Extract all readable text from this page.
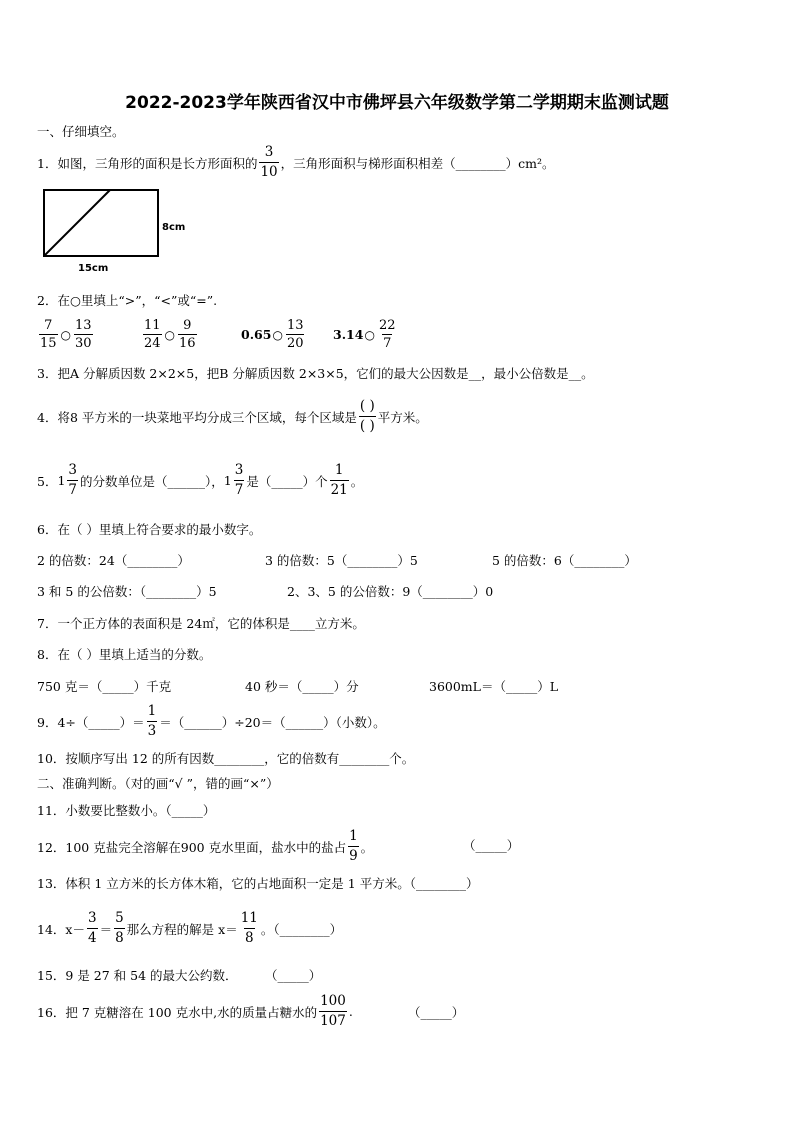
2022-2023学年陕西省汉中市佛坪县六年级数学第二学期期末监测试题
一、仔细填空。
1． 如图，三角形的面积是长方形面积的 $\frac{3}{10}$ ，三角形面积与梯形面积相差（________）cm²。
8cm
15cm
2． 在○里填上“>”，“<”或“=”.
$\frac{7}{15}$ ○ $\frac{13}{30}$	$\frac{11}{24}$ ○ $\frac{9}{16}$	0.65 ○ $\frac{13}{20} 3.14$ ○ $\frac{22}{7}$
3． 把A 分解质因数 2×2×5，把B 分解质因数 2×3×5，它们的最大公因数是__，最小公倍数是__。
4． 将8 平方米的一块菜地平均分成三个区域，每个区域是 $\frac{( )}{( )}$ 平方米。
5． $1 \frac{3}{7}$ 的分数单位是（______）， $1 \frac{3}{7}$ 是（_____）个 $\frac{1}{21}$ 。
6． 在（ ）里填上符合要求的最小数字。
2 的倍数：24（________）	3 的倍数：5（________）5	5 的倍数：6（________）
3 和 5 的公倍数：（________）5	2、3、5 的公倍数：9（________）0
7． 一个正方体的表面积是 24㎡，它的体积是____立方米。
8． 在（ ）里填上适当的分数。
750 克＝（_____）千克	40 秒＝（_____）分	3600mL＝（_____）L
9． 4÷（_____）＝ $\frac{1}{3}$ ＝（______）÷20＝（______）（小数）。
10． 按顺序写出 12 的所有因数________，它的倍数有________个。
二、准确判断。（对的画“√ ”，错的画“×”）
11． 小数要比整数小。（_____）
12． 100 克盐完全溶解在900 克水里面，盐水中的盐占 $\frac{1}{9}$ 。	（_____）
13． 体积 1 立方米的长方体木箱，它的占地面积一定是 1 平方米。（________）
14． $x- \frac{3}{4} = \frac{5}{8}$ 那么方程的解是 $x= \frac{11}{8}$ 。（________）
15． 9 是 27 和 54 的最大公约数． （_____）
16． 把 7 克糖溶在 100 克水中,水的质量占糖水的 $\frac{100}{107}$ .	（_____）
